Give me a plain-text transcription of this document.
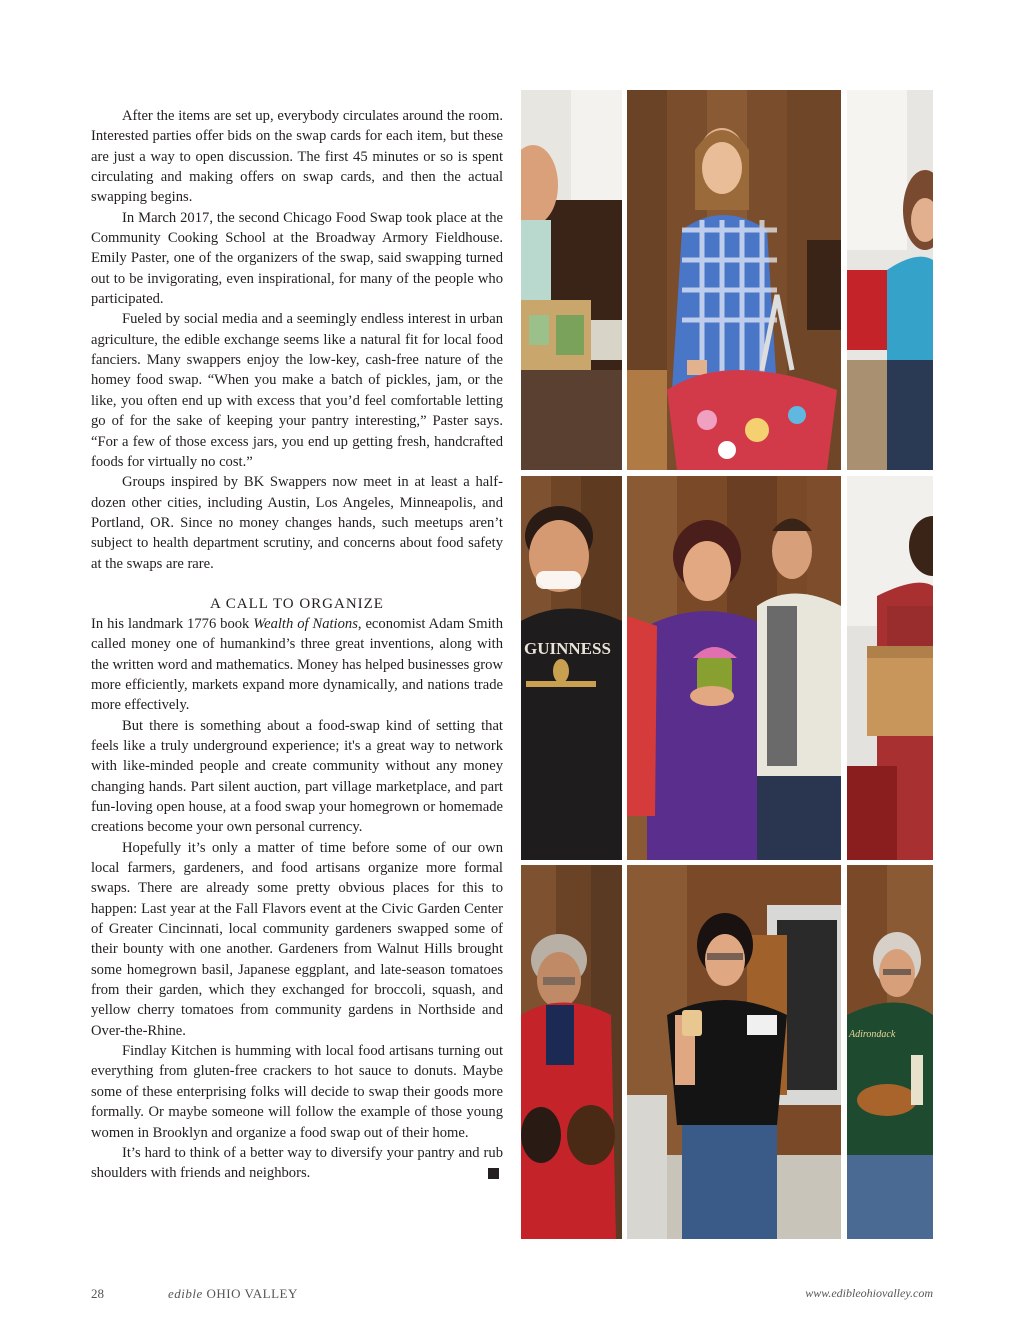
After the items are set up, everybody circulates around the room. Interested parties offer bids on the swap cards for each item, but these are just a way to open discussion. The first 45 minutes or so is spent circulating and making offers on swap cards, and then the actual swapping begins.

In March 2017, the second Chicago Food Swap took place at the Community Cooking School at the Broadway Armory Fieldhouse. Emily Paster, one of the organizers of the swap, said swapping turned out to be invigorating, even inspirational, for many of the people who participated.

Fueled by social media and a seemingly endless interest in urban agriculture, the edible exchange seems like a natural fit for local food fanciers. Many swappers enjoy the low-key, cash-free nature of the homey food swap. “When you make a batch of pickles, jam, or the like, you often end up with excess that you’d feel comfortable letting go of for the sake of keeping your pantry interesting,” Paster says. “For a few of those excess jars, you end up getting fresh, handcrafted foods for virtually no cost.”

Groups inspired by BK Swappers now meet in at least a half-dozen other cities, including Austin, Los Angeles, Minneapolis, and Portland, OR. Since no money changes hands, such meetups aren’t subject to health department scrutiny, and concerns about food safety at the swaps are rare.

A CALL TO ORGANIZE

In his landmark 1776 book Wealth of Nations, economist Adam Smith called money one of humankind’s three great inventions, along with the written word and mathematics. Money has helped businesses grow more efficiently, markets expand more dynamically, and nations trade more effectively.

But there is something about a food-swap kind of setting that feels like a truly underground experience; it's a great way to network with like-minded people and create community without any money changing hands. Part silent auction, part village marketplace, and part fun-loving open house, at a food swap your homegrown or homemade creations become your own personal currency.

Hopefully it’s only a matter of time before some of our own local farmers, gardeners, and food artisans organize more formal swaps. There are already some pretty obvious places for this to happen: Last year at the Fall Flavors event at the Civic Garden Center of Greater Cincinnati, local community gardeners swapped some of their bounty with one another. Gardeners from Walnut Hills brought some homegrown basil, Japanese eggplant, and late-season tomatoes from their garden, which they exchanged for broccoli, squash, and yellow cherry tomatoes from community gardens in Northside and Over-the-Rhine.

Findlay Kitchen is humming with local food artisans turning out everything from gluten-free crackers to hot sauce to donuts. Maybe some of these enterprising folks will decide to swap their goods more formally. Or maybe someone will follow the example of those young women in Brooklyn and organize a food swap out of their home.

It’s hard to think of a better way to diversify your pantry and rub shoulders with friends and neighbors.

GUINNESS
Adirondack
28	edible OHIO VALLEY	www.edibleohiovalley.com
